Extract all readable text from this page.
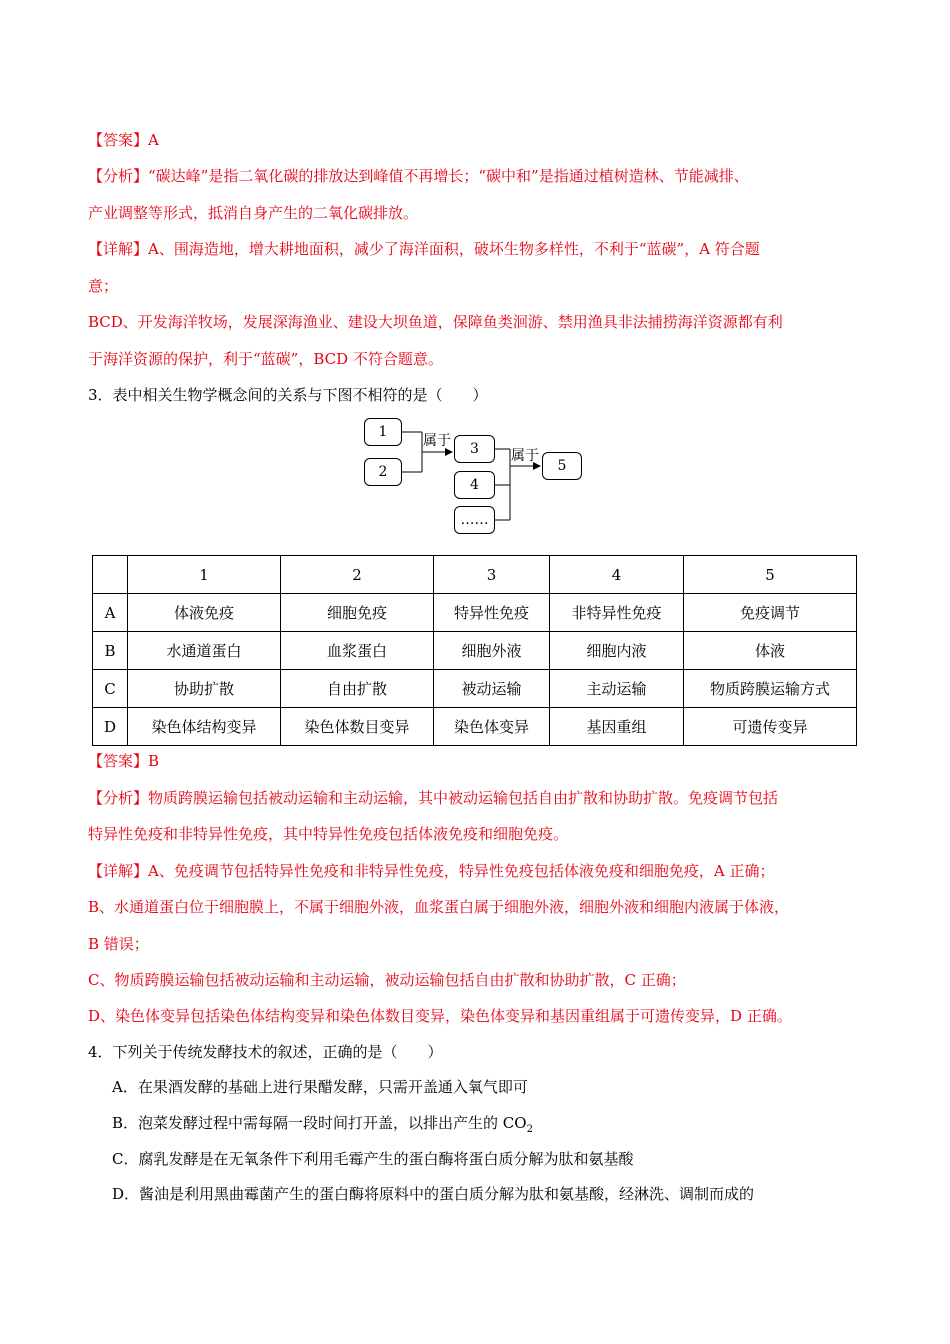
【答案】A
【分析】“碳达峰”是指二氧化碳的排放达到峰值不再增长；“碳中和”是指通过植树造林、节能减排、
产业调整等形式，抵消自身产生的二氧化碳排放。
【详解】A、围海造地，增大耕地面积，减少了海洋面积，破坏生物多样性，不利于“蓝碳”，A 符合题
意；
BCD、开发海洋牧场，发展深海渔业、建设大坝鱼道，保障鱼类洄游、禁用渔具非法捕捞海洋资源都有利
于海洋资源的保护，利于“蓝碳”，BCD 不符合题意。
3．表中相关生物学概念间的关系与下图不相符的是（　　）
1
2
3
4
……
5
属于
属于
	1	2	3	4	5
A	体液免疫	细胞免疫	特异性免疫	非特异性免疫	免疫调节
B	水通道蛋白	血浆蛋白	细胞外液	细胞内液	体液
C	协助扩散	自由扩散	被动运输	主动运输	物质跨膜运输方式
D	染色体结构变异	染色体数目变异	染色体变异	基因重组	可遗传变异
【答案】B
【分析】物质跨膜运输包括被动运输和主动运输，其中被动运输包括自由扩散和协助扩散。免疫调节包括
特异性免疫和非特异性免疫，其中特异性免疫包括体液免疫和细胞免疫。
【详解】A、免疫调节包括特异性免疫和非特异性免疫，特异性免疫包括体液免疫和细胞免疫，A 正确；
B、水通道蛋白位于细胞膜上，不属于细胞外液，血浆蛋白属于细胞外液，细胞外液和细胞内液属于体液，
B 错误；
C、物质跨膜运输包括被动运输和主动运输，被动运输包括自由扩散和协助扩散，C 正确；
D、染色体变异包括染色体结构变异和染色体数目变异，染色体变异和基因重组属于可遗传变异，D 正确。
4．下列关于传统发酵技术的叙述，正确的是（　　）
A．在果酒发酵的基础上进行果醋发酵，只需开盖通入氧气即可
B．泡菜发酵过程中需每隔一段时间打开盖，以排出产生的 $CO_2$
C．腐乳发酵是在无氧条件下利用毛霉产生的蛋白酶将蛋白质分解为肽和氨基酸
D．酱油是利用黑曲霉菌产生的蛋白酶将原料中的蛋白质分解为肽和氨基酸，经淋洗、调制而成的
